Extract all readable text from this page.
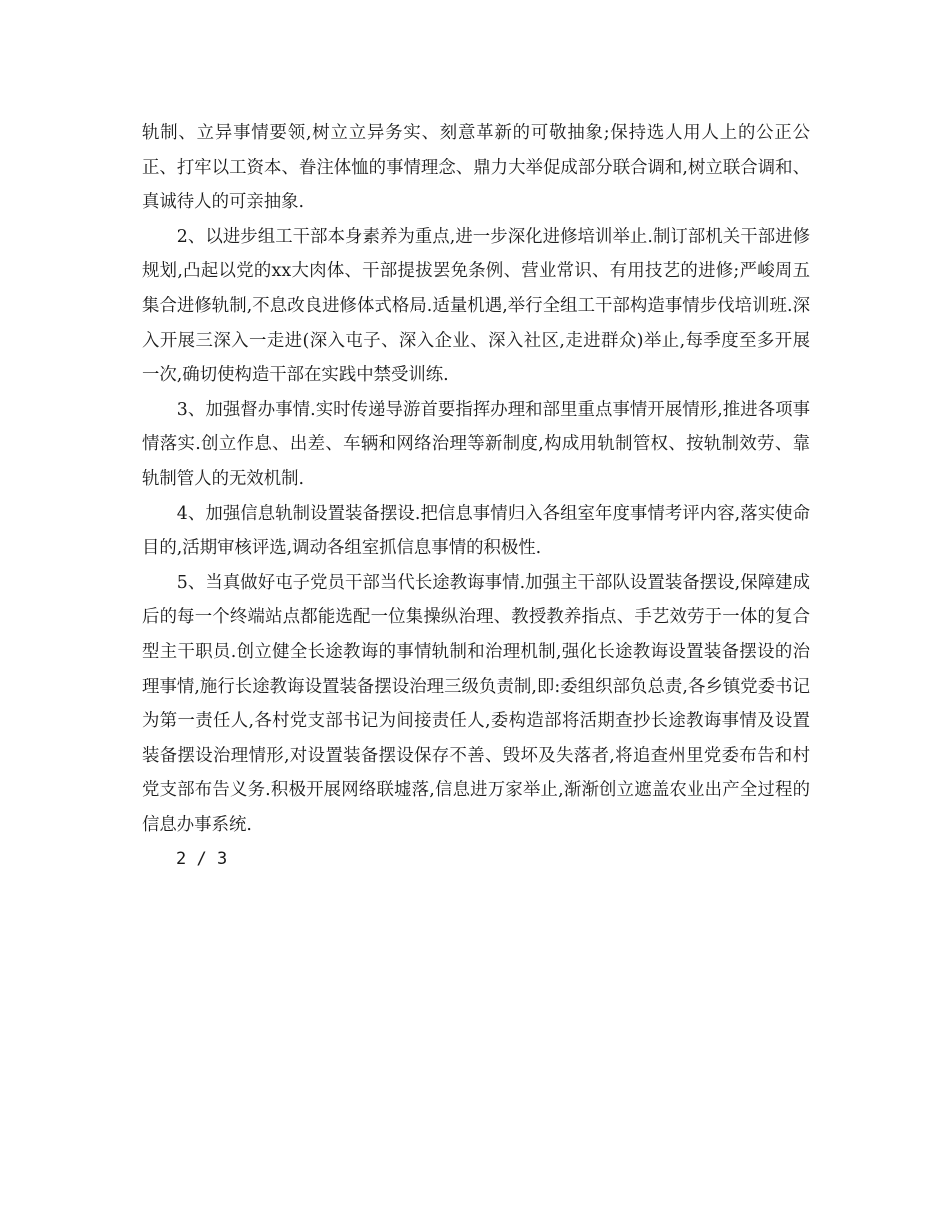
轨制、立异事情要领,树立立异务实、刻意革新的可敬抽象;保持选人用人上的公正公正、打牢以工资本、眷注体恤的事情理念、鼎力大举促成部分联合调和,树立联合调和、真诚待人的可亲抽象.

2、以进步组工干部本身素养为重点,进一步深化进修培训举止.制订部机关干部进修规划,凸起以党的xx大肉体、干部提拔罢免条例、营业常识、有用技艺的进修;严峻周五集合进修轨制,不息改良进修体式格局.适量机遇,举行全组工干部构造事情步伐培训班.深入开展三深入一走进(深入屯子、深入企业、深入社区,走进群众)举止,每季度至多开展一次,确切使构造干部在实践中禁受训练.

3、加强督办事情.实时传递导游首要指挥办理和部里重点事情开展情形,推进各项事情落实.创立作息、出差、车辆和网络治理等新制度,构成用轨制管权、按轨制效劳、靠轨制管人的无效机制.

4、加强信息轨制设置装备摆设.把信息事情归入各组室年度事情考评内容,落实使命目的,活期审核评选,调动各组室抓信息事情的积极性.

5、当真做好屯子党员干部当代长途教诲事情.加强主干部队设置装备摆设,保障建成后的每一个终端站点都能选配一位集操纵治理、教授教养指点、手艺效劳于一体的复合型主干职员.创立健全长途教诲的事情轨制和治理机制,强化长途教诲设置装备摆设的治理事情,施行长途教诲设置装备摆设治理三级负责制,即:委组织部负总责,各乡镇党委书记为第一责任人,各村党支部书记为间接责任人,委构造部将活期查抄长途教诲事情及设置装备摆设治理情形,对设置装备摆设保存不善、毁坏及失落者,将追查州里党委布告和村党支部布告义务.积极开展网络联墟落,信息进万家举止,渐渐创立遮盖农业出产全过程的信息办事系统.

2 / 3
